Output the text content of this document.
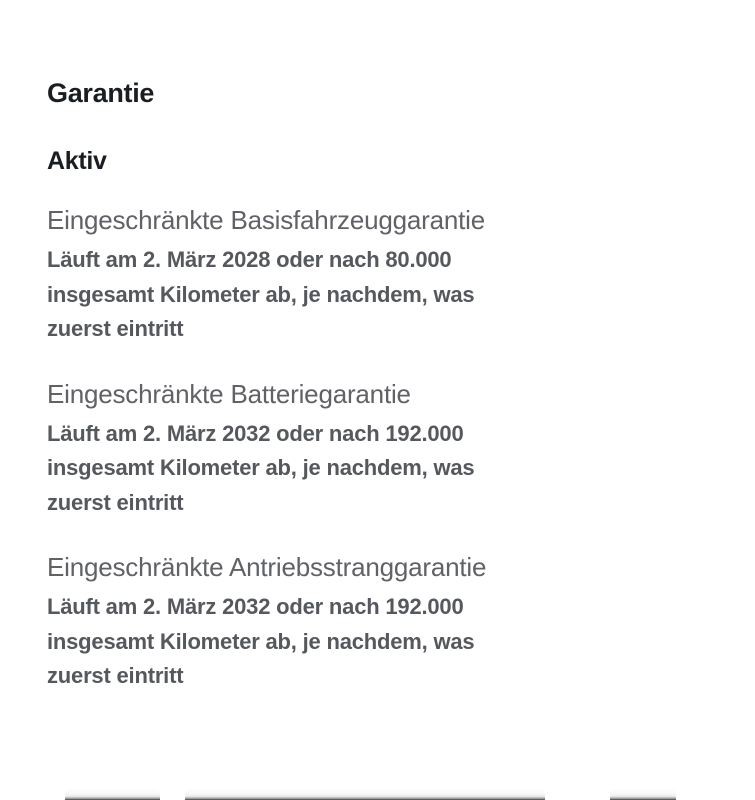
Garantie
Aktiv
Eingeschränkte Basisfahrzeuggarantie
Läuft am 2. März 2028 oder nach 80.000
insgesamt Kilometer ab, je nachdem, was
zuerst eintritt
Eingeschränkte Batteriegarantie
Läuft am 2. März 2032 oder nach 192.000
insgesamt Kilometer ab, je nachdem, was
zuerst eintritt
Eingeschränkte Antriebsstranggarantie
Läuft am 2. März 2032 oder nach 192.000
insgesamt Kilometer ab, je nachdem, was
zuerst eintritt
